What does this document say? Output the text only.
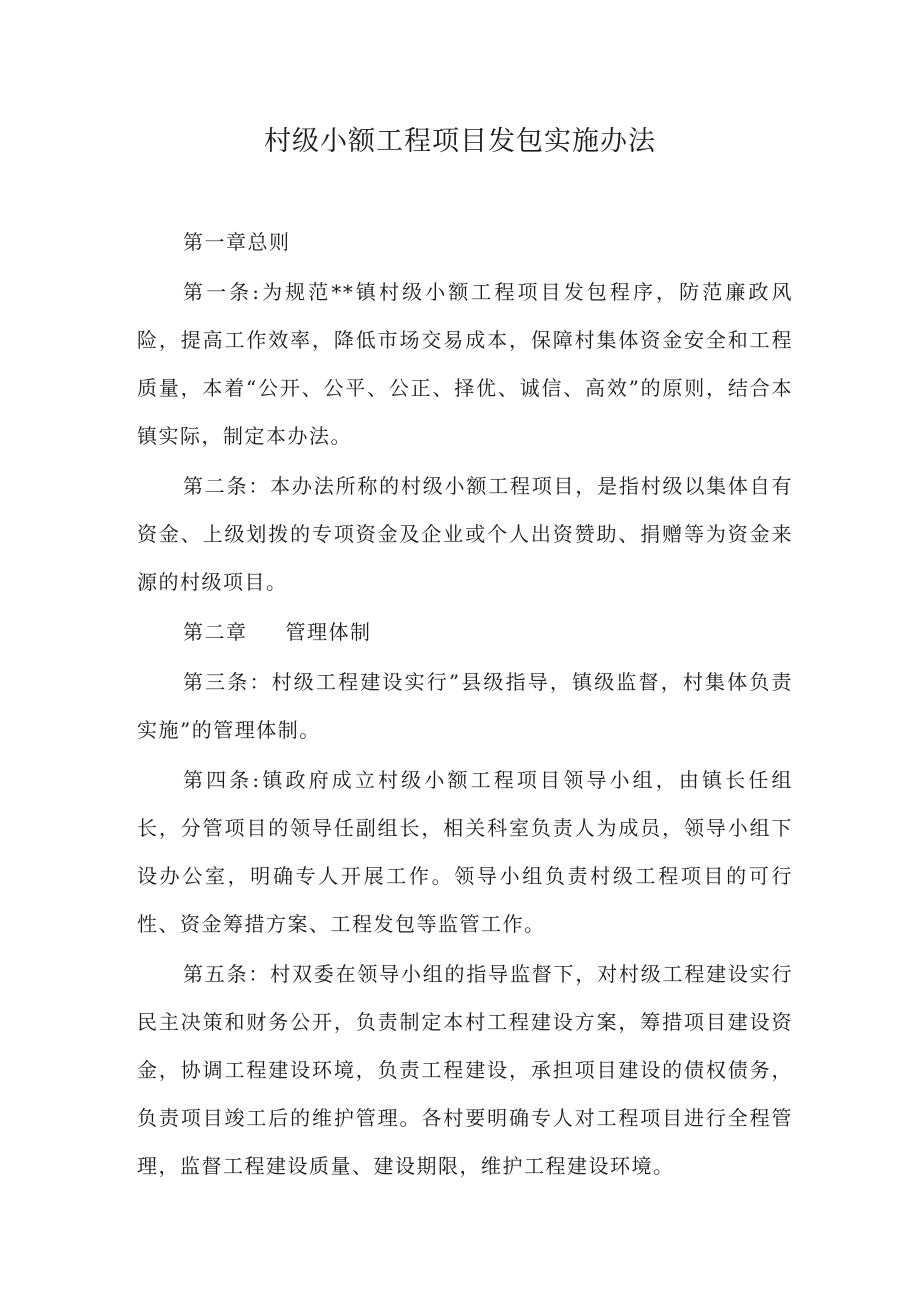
村级小额工程项目发包实施办法

第一章总则

第一条:为规范**镇村级小额工程项目发包程序，防范廉政风险，提高工作效率，降低市场交易成本，保障村集体资金安全和工程质量，本着“公开、公平、公正、择优、诚信、高效”的原则，结合本镇实际，制定本办法。

第二条：本办法所称的村级小额工程项目，是指村级以集体自有资金、上级划拨的专项资金及企业或个人出资赞助、捐赠等为资金来源的村级项目。

第二章 管理体制

第三条：村级工程建设实行”县级指导，镇级监督，村集体负责实施”的管理体制。

第四条:镇政府成立村级小额工程项目领导小组，由镇长任组长，分管项目的领导任副组长，相关科室负责人为成员，领导小组下设办公室，明确专人开展工作。领导小组负责村级工程项目的可行性、资金筹措方案、工程发包等监管工作。

第五条：村双委在领导小组的指导监督下，对村级工程建设实行民主决策和财务公开，负责制定本村工程建设方案，筹措项目建设资金，协调工程建设环境，负责工程建设，承担项目建设的债权债务，负责项目竣工后的维护管理。各村要明确专人对工程项目进行全程管理，监督工程建设质量、建设期限，维护工程建设环境。
